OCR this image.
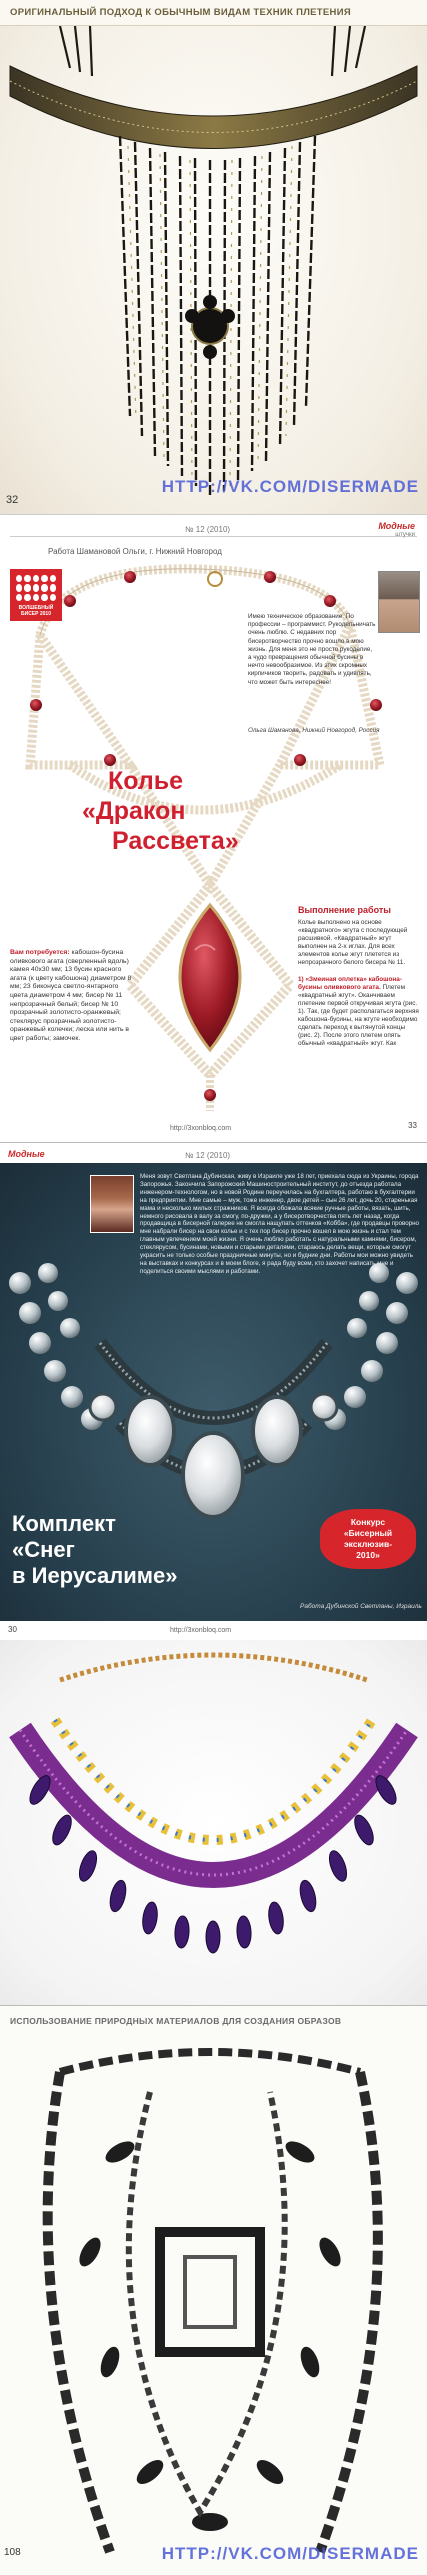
ОРИГИНАЛЬНЫЙ ПОДХОД К ОБЫЧНЫМ ВИДАМ ТЕХНИК ПЛЕТЕНИЯ
32
HTTP://VK.COM/DISERMADE
№ 12 (2010)	Модные
штучки
Работа Шамановой Ольги, г. Нижний Новгород
ВОЛШЕБНЫЙ БИСЕР 2010	Имею техническое образование. По профессии – программист. Рукодельничать очень люблю. С недавних пор бисеротворчество прочно вошло в мою жизнь. Для меня это не просто рукоделие, а чудо превращения обычной бусины в нечто невообразимое. Из этих скромных кирпичиков творить, радовать и удивлять, что может быть интереснее!
Ольга Шаманова, Нижний Новгород, Россия
Колье
«Дракон
Рассвета»
Вам потребуется: кабошон-бусина оливкового агата (сверленный вдоль) камея 40х30 мм; 13 бусин красного агата (к цвету кабошона) диаметром 8 мм; 23 биконуса светло-янтарного цвета диаметром 4 мм; бисер № 11 непрозрачный белый; бисер № 10 прозрачный золотисто-оранжевый; стеклярус прозрачный золотисто-оранжевый колечки; леска или нить в цвет работы; замочек.
Выполнение работы
Колье выполнено на основе «квадратного» жгута с последующей расшивкой. «Квадратный» жгут выполнен на 2-х иглах. Для всех элементов колье жгут плетется из непрозрачного белого бисера № 11.

1) «Змеиная оплетка» кабошона-бусины оливкового агата. Плетем «квадратный жгут». Оканчиваем плетение первой откручивая жгута (рис. 1). Так, где будет располагаться верхняя кабошона-бусины, на жгуте необходимо сделать переход к вытянутой концы (рис. 2). После этого плетем опять обычный «квадратный» жгут. Как
http://3xonbloq.com	33
Модные	№ 12 (2010)
Меня зовут Светлана Дубинская, живу в Израиле уже 18 лет, приехала сюда из Украины, города Запорожья. Закончила Запорожский Машиностроительный институт, до отъезда работала инженером-технологом, но в новой Родине переучилась на бухгалтера, работаю в бухгалтерии на предприятии. Мне самые – муж, тоже инженер, двое детей – сын 26 лет, дочь 20, старенькая мама и несколько милых стражников. Я всегда обожала всякие ручные работы, вязать, шить, немного рисовала в валу за смогу, по-дружки, а у бисеротворчества пять лет назад, когда продавщица в бисерной галерее не смогла нащупать оттенков «Кобба», где продавцы проворно мне набрали бисер на свои колье и с тех пор бисер прочно вошел в мою жизнь и стал тем главным увлечением моей жизни. Я очень люблю работать с натуральными камнями, бисером, стеклярусом, бусинами, новыми и старыми деталями, стараюсь делать вещи, которые смогут украсить не только особые праздничные минуты, но и будние дни. Работы мои можно увидеть на выставках и конкурсах и в моем блоге, я рада буду всем, кто захочет написать мне и поделиться своими мыслями и работами.
Комплект
«Снег
в Иерусалиме»
Конкурс
«Бисерный
эксклюзив-
2010»
Работа Дубинской Светланы, Израиль
30	http://3xonbloq.com
ИСПОЛЬЗОВАНИЕ ПРИРОДНЫХ МАТЕРИАЛОВ ДЛЯ СОЗДАНИЯ ОБРАЗОВ
108	HTTP://VK.COM/DISERMADE
